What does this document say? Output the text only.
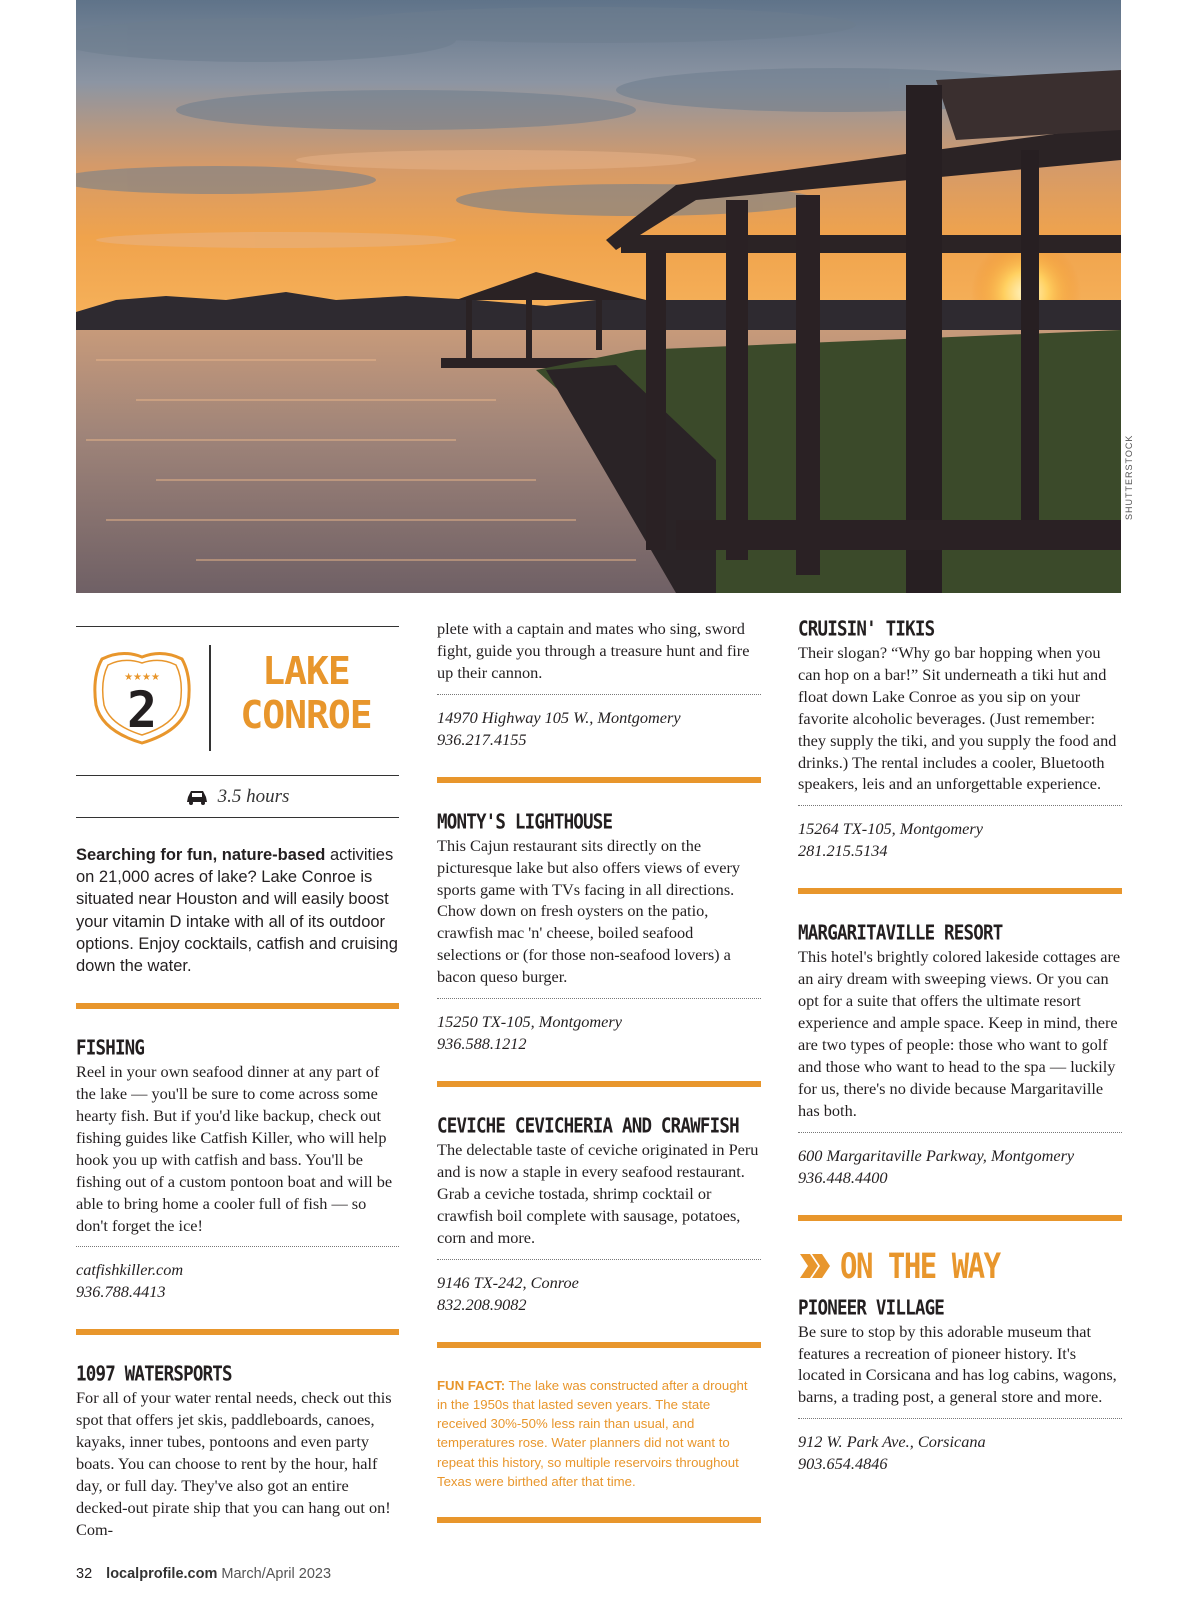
SHUTTERSTOCK
★★★★
2
LAKE
CONROE
3.5 hours

Searching for fun, nature-based activities on 21,000 acres of lake? Lake Conroe is situated near Houston and will easily boost your vitamin D intake with all of its outdoor options. Enjoy cocktails, catfish and cruising down the water.

FISHING

Reel in your own seafood dinner at any part of the lake — you'll be sure to come across some hearty fish. But if you'd like backup, check out fishing guides like Catfish Killer, who will help hook you up with catfish and bass. You'll be fishing out of a custom pontoon boat and will be able to bring home a cooler full of fish — so don't forget the ice!

catfishkiller.com
936.788.4413
1097 WATERSPORTS

For all of your water rental needs, check out this spot that offers jet skis, paddleboards, canoes, kayaks, inner tubes, pontoons and even party boats. You can choose to rent by the hour, half day, or full day. They've also got an entire decked-out pirate ship that you can hang out on! Com-

plete with a captain and mates who sing, sword fight, guide you through a treasure hunt and fire up their cannon.

14970 Highway 105 W., Montgomery
936.217.4155
MONTY'S LIGHTHOUSE

This Cajun restaurant sits directly on the picturesque lake but also offers views of every sports game with TVs facing in all directions. Chow down on fresh oysters on the patio, crawfish mac 'n' cheese, boiled seafood selections or (for those non-seafood lovers) a bacon queso burger.

15250 TX-105, Montgomery
936.588.1212
CEVICHE CEVICHERIA AND CRAWFISH

The delectable taste of ceviche originated in Peru and is now a staple in every seafood restaurant. Grab a ceviche tostada, shrimp cocktail or crawfish boil complete with sausage, potatoes, corn and more.

9146 TX-242, Conroe
832.208.9082

FUN FACT: The lake was constructed after a drought in the 1950s that lasted seven years. The state received 30%-50% less rain than usual, and temperatures rose. Water planners did not want to repeat this history, so multiple reservoirs throughout Texas were birthed after that time.

CRUISIN' TIKIS

Their slogan? “Why go bar hopping when you can hop on a bar!” Sit underneath a tiki hut and float down Lake Conroe as you sip on your favorite alcoholic beverages. (Just remember: they supply the tiki, and you supply the food and drinks.) The rental includes a cooler, Bluetooth speakers, leis and an unforgettable experience.

15264 TX-105, Montgomery
281.215.5134
MARGARITAVILLE RESORT

This hotel's brightly colored lakeside cottages are an airy dream with sweeping views. Or you can opt for a suite that offers the ultimate resort experience and ample space. Keep in mind, there are two types of people: those who want to golf and those who want to head to the spa — luckily for us, there's no divide because Margaritaville has both.

600 Margaritaville Parkway, Montgomery
936.448.4400
ON THE WAY
PIONEER VILLAGE

Be sure to stop by this adorable museum that features a recreation of pioneer history. It's located in Corsicana and has log cabins, wagons, barns, a trading post, a general store and more.

912 W. Park Ave., Corsicana
903.654.4846
32 localprofile.com March/April 2023
